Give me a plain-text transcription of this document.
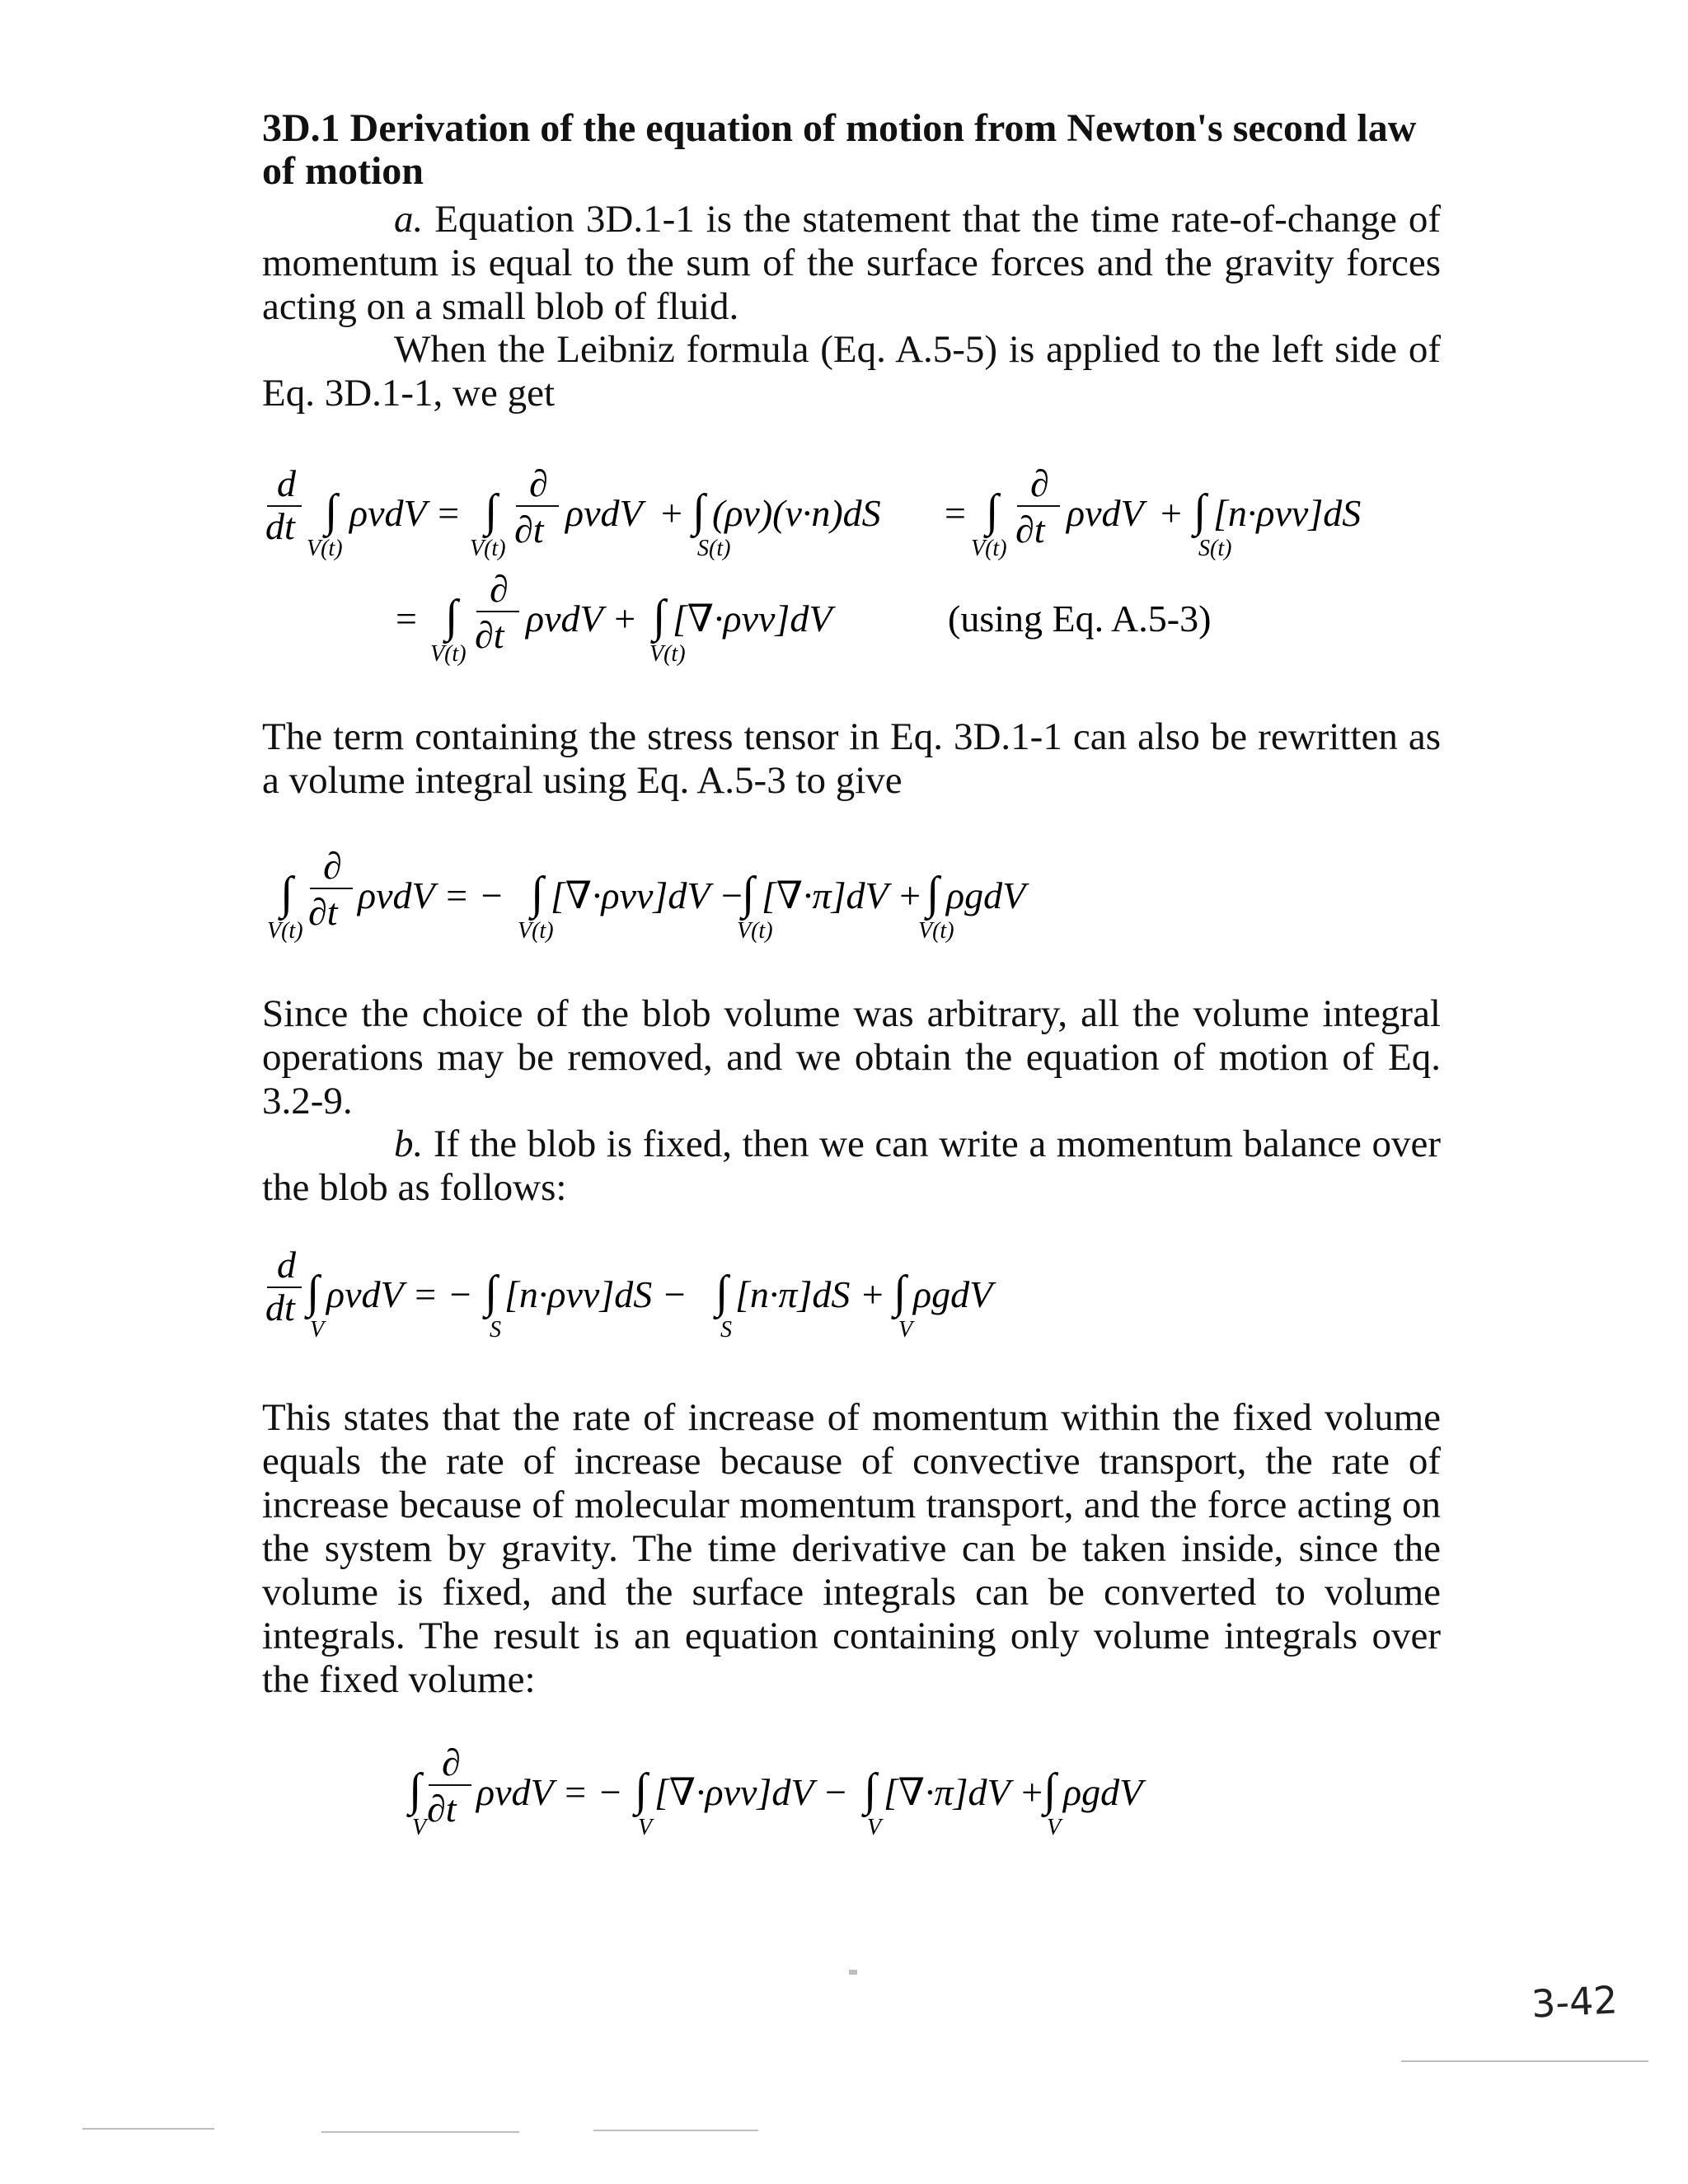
3D.1 Derivation of the equation of motion from Newton's second law of motion
a. Equation 3D.1-1 is the statement that the time rate-of-change of momentum is equal to the sum of the surface forces and the gravity forces acting on a small blob of fluid.
When the Leibniz formula (Eq. A.5-5) is applied to the left side of Eq. 3D.1-1, we get
d
dt ∫
V(t)
ρvdV = ∫
V(t)
∂
∂t ρvdV + ∫
S(t)
(ρv)(v·n)dS = ∫
V(t)
∂
∂t ρvdV + ∫
S(t)
[n·ρvv]dS
= ∫
V(t)
∂
∂t ρvdV + ∫
V(t)
[∇·ρvv]dV	(using Eq. A.5-3)
The term containing the stress tensor in Eq. 3D.1-1 can also be rewritten as a volume integral using Eq. A.5-3 to give
∫
V(t)
∂
∂t ρvdV = − ∫
V(t)
[∇·ρvv]dV −
∫
V(t)
[∇·π]dV + ∫
V(t)
ρgdV
Since the choice of the blob volume was arbitrary, all the volume integral operations may be removed, and we obtain the equation of motion of Eq. 3.2-9.
b. If the blob is fixed, then we can write a momentum balance over the blob as follows:
d
dt ∫
V
ρvdV = − ∫
S
[n·ρvv]dS − ∫
S
[n·π]dS + ∫
V
ρgdV
This states that the rate of increase of momentum within the fixed volume equals the rate of increase because of convective transport, the rate of increase because of molecular momentum transport, and the force acting on the system by gravity. The time derivative can be taken inside, since the volume is fixed, and the surface integrals can be converted to volume integrals. The result is an equation containing only volume integrals over the fixed volume:
∫
V
∂
∂t ρvdV = − ∫
V
[∇·ρvv]dV − ∫
V
[∇·π]dV +
∫
V
ρgdV
3-42
